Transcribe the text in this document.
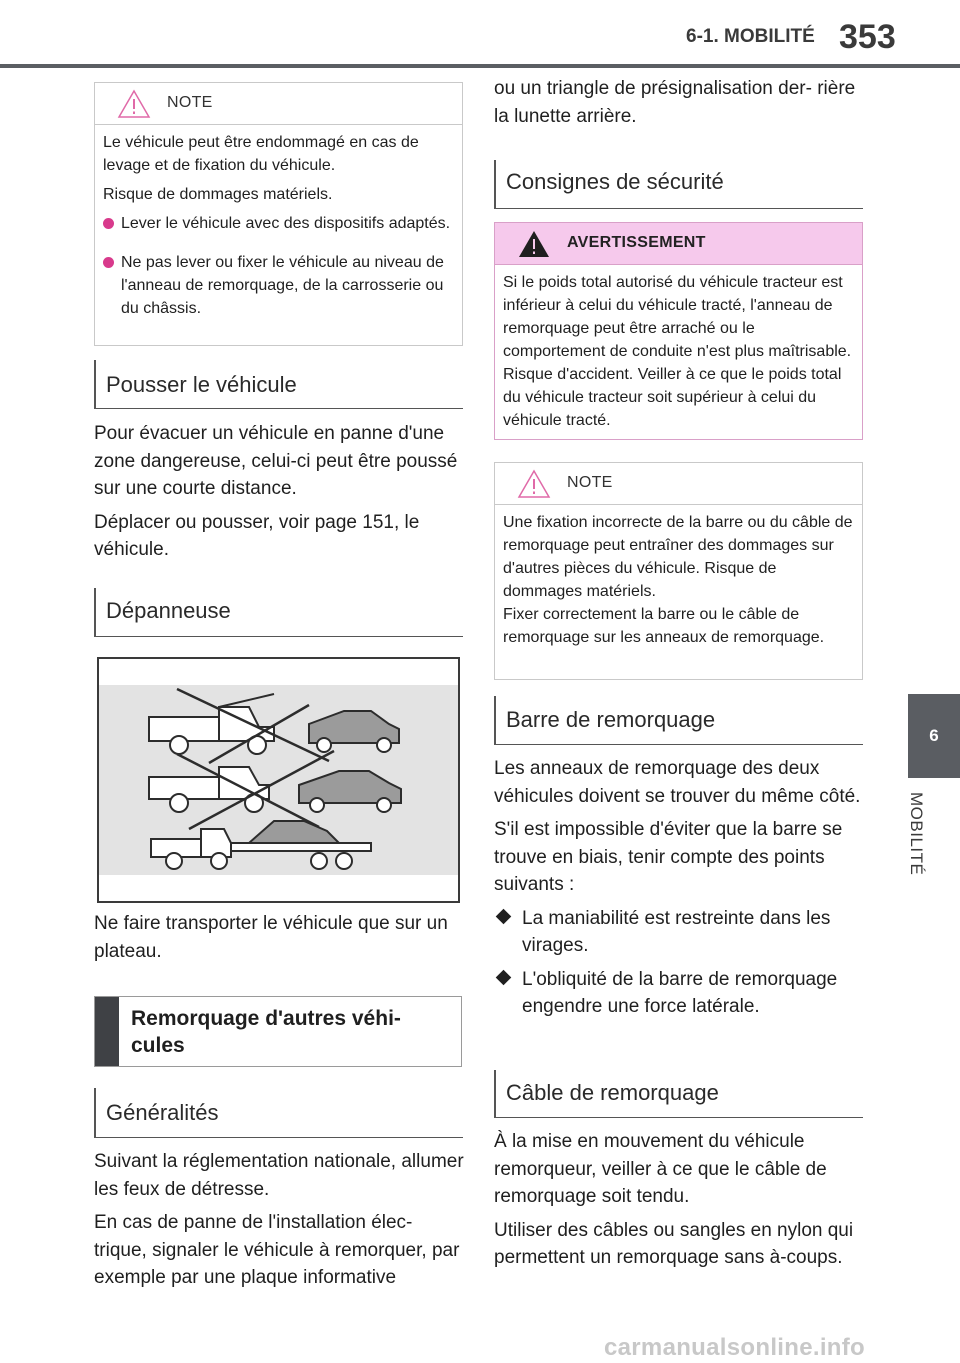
6-1. MOBILITÉ 353
6
MOBILITÉ
NOTE

Le véhicule peut être endommagé en cas de levage et de fixation du véhicule.

Risque de dommages matériels.

Lever le véhicule avec des dispositifs adaptés.
Ne pas lever ou fixer le véhicule au niveau de l'anneau de remorquage, de la carrosserie ou du châssis.
Pousser le véhicule

Pour évacuer un véhicule en panne d'une zone dangereuse, celui-ci peut être poussé sur une courte distance.

Déplacer ou pousser, voir page 151, le véhicule.

Dépanneuse

Ne faire transporter le véhicule que sur un plateau.

Remorquage d'autres véhi-
cules
Généralités

Suivant la réglementation nationale, allumer les feux de détresse.

En cas de panne de l'installation élec- trique, signaler le véhicule à remorquer, par exemple par une plaque informative

ou un triangle de présignalisation der- rière la lunette arrière.

Consignes de sécurité
AVERTISSEMENT

Si le poids total autorisé du véhicule tracteur est inférieur à celui du véhicule tracté, l'anneau de remorquage peut être arraché ou le comportement de conduite n'est plus maîtrisable. Risque d'accident. Veiller à ce que le poids total du véhicule tracteur soit supérieur à celui du véhicule tracté.

NOTE

Une fixation incorrecte de la barre ou du câble de remorquage peut entraîner des dommages sur d'autres pièces du véhicule. Risque de dommages matériels.

Fixer correctement la barre ou le câble de remorquage sur les anneaux de remorquage.

Barre de remorquage

Les anneaux de remorquage des deux véhicules doivent se trouver du même côté.

S'il est impossible d'éviter que la barre se trouve en biais, tenir compte des points suivants :

La maniabilité est restreinte dans les virages.
L'obliquité de la barre de remorquage engendre une force latérale.
Câble de remorquage

À la mise en mouvement du véhicule remorqueur, veiller à ce que le câble de remorquage soit tendu.

Utiliser des câbles ou sangles en nylon qui permettent un remorquage sans à-coups.

carmanualsonline.info
